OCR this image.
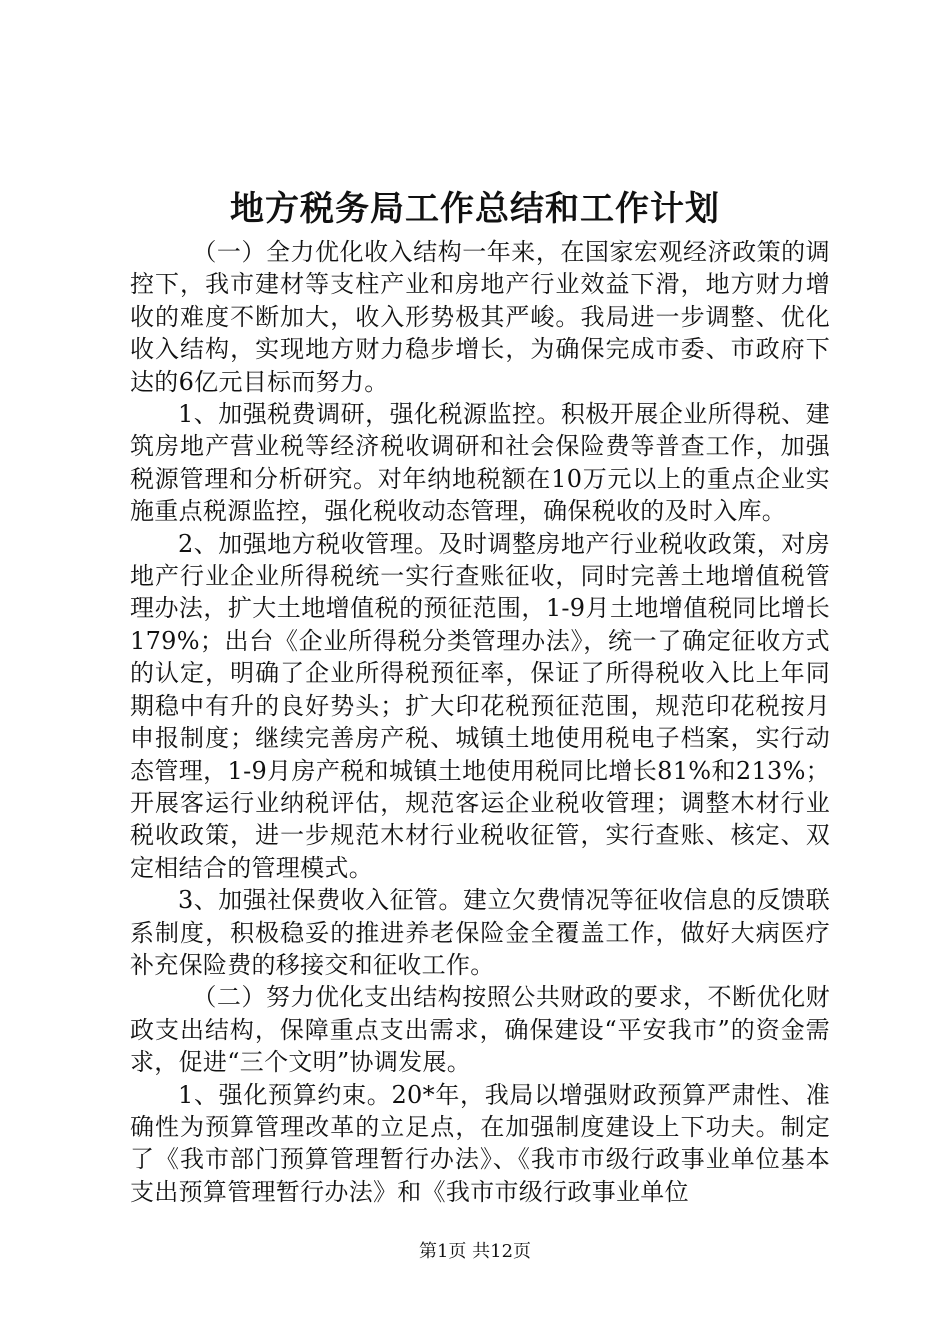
地方税务局工作总结和工作计划

（一）全力优化收入结构一年来，在国家宏观经济政策的调控下，我市建材等支柱产业和房地产行业效益下滑，地方财力增收的难度不断加大，收入形势极其严峻。我局进一步调整、优化收入结构，实现地方财力稳步增长，为确保完成市委、市政府下达的6亿元目标而努力。

1、加强税费调研，强化税源监控。积极开展企业所得税、建筑房地产营业税等经济税收调研和社会保险费等普查工作，加强税源管理和分析研究。对年纳地税额在10万元以上的重点企业实施重点税源监控，强化税收动态管理，确保税收的及时入库。

2、加强地方税收管理。及时调整房地产行业税收政策，对房地产行业企业所得税统一实行查账征收，同时完善土地增值税管理办法，扩大土地增值税的预征范围，1-9月土地增值税同比增长179%；出台《企业所得税分类管理办法》，统一了确定征收方式的认定，明确了企业所得税预征率，保证了所得税收入比上年同期稳中有升的良好势头；扩大印花税预征范围，规范印花税按月申报制度；继续完善房产税、城镇土地使用税电子档案，实行动态管理，1-9月房产税和城镇土地使用税同比增长81%和213%；开展客运行业纳税评估，规范客运企业税收管理；调整木材行业税收政策，进一步规范木材行业税收征管，实行查账、核定、双定相结合的管理模式。

3、加强社保费收入征管。建立欠费情况等征收信息的反馈联系制度，积极稳妥的推进养老保险金全覆盖工作，做好大病医疗补充保险费的移接交和征收工作。

（二）努力优化支出结构按照公共财政的要求，不断优化财政支出结构，保障重点支出需求，确保建设“平安我市”的资金需求，促进“三个文明”协调发展。

1、强化预算约束。20*年，我局以增强财政预算严肃性、准确性为预算管理改革的立足点，在加强制度建设上下功夫。制定了《我市部门预算管理暂行办法》、《我市市级行政事业单位基本支出预算管理暂行办法》和《我市市级行政事业单位

第1页 共12页
